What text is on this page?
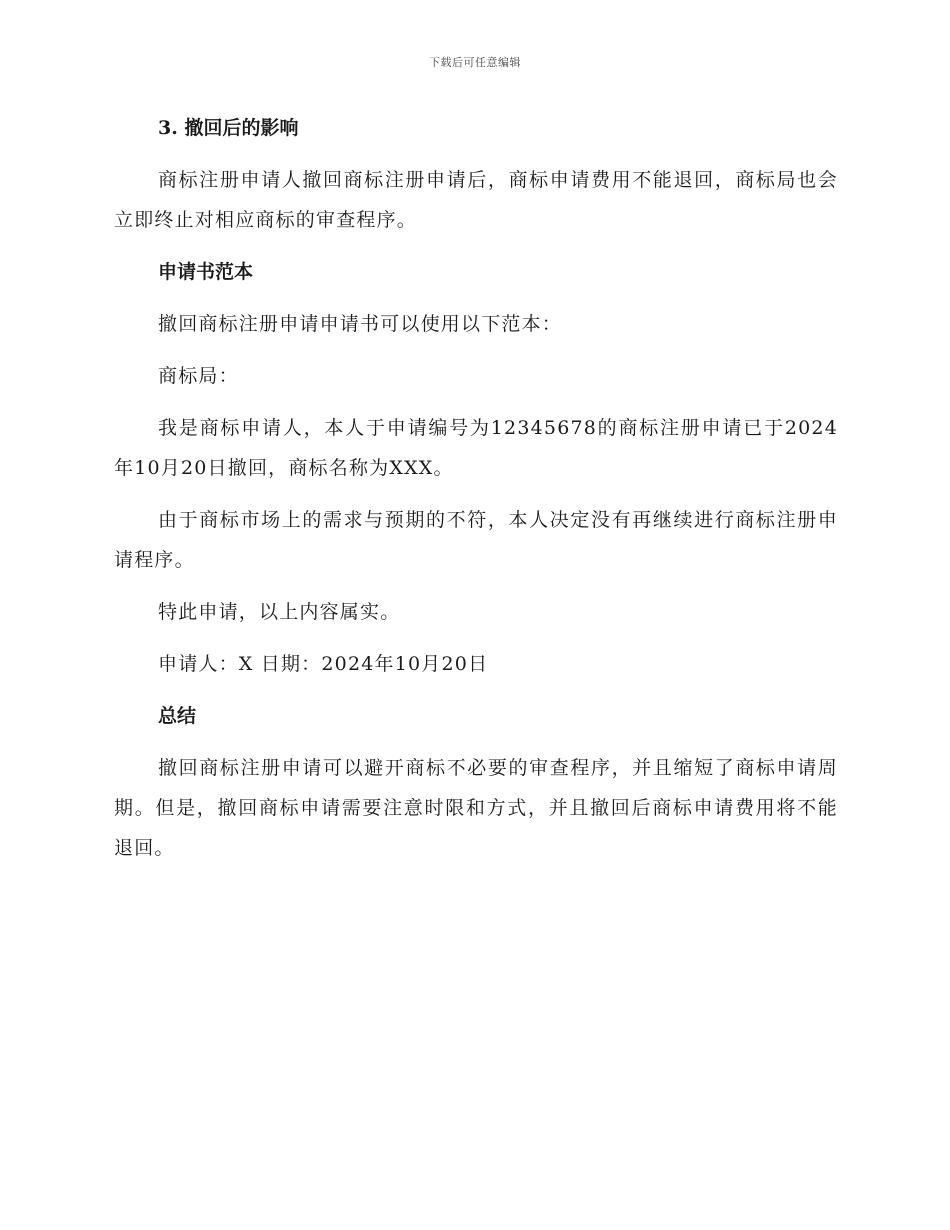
下载后可任意编辑
3. 撤回后的影响

商标注册申请人撤回商标注册申请后，商标申请费用不能退回，商标局也会立即终止对相应商标的审查程序。

申请书范本

撤回商标注册申请申请书可以使用以下范本：

商标局：

我是商标申请人，本人于申请编号为12345678的商标注册申请已于2024年10月20日撤回，商标名称为XXX。

由于商标市场上的需求与预期的不符，本人决定没有再继续进行商标注册申请程序。

特此申请，以上内容属实。

申请人：X 日期：2024年10月20日

总结

撤回商标注册申请可以避开商标不必要的审查程序，并且缩短了商标申请周期。但是，撤回商标申请需要注意时限和方式，并且撤回后商标申请费用将不能退回。
